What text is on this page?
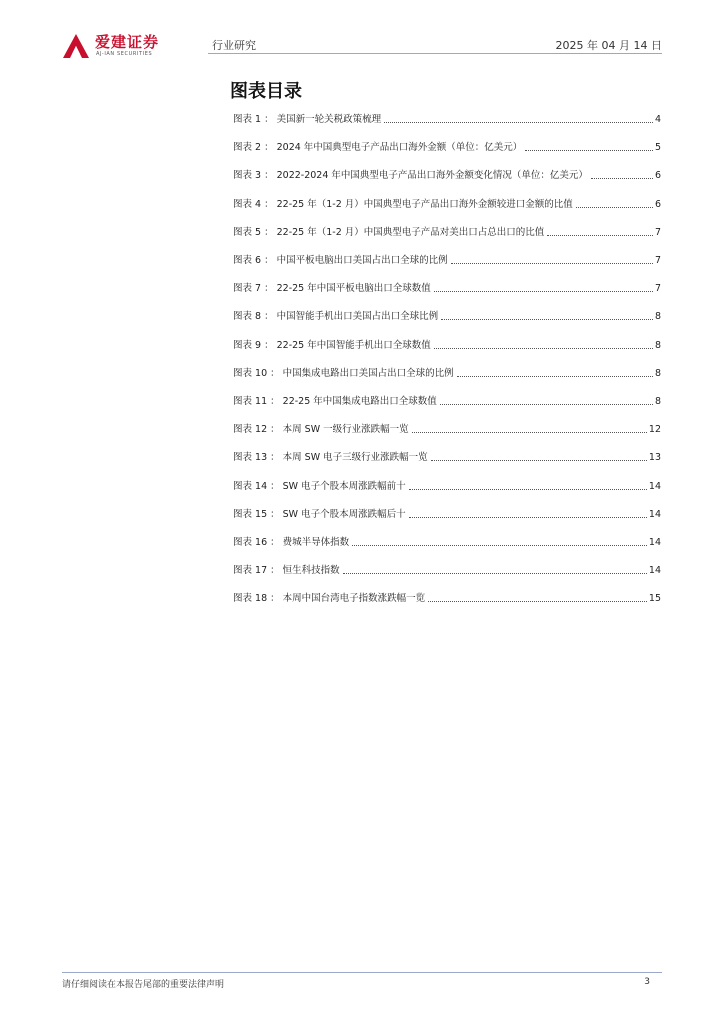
爱建证券
AJ-IAN SECURITIES
行业研究	2025 年 04 月 14 日
图表目录
图表 1 ： 美国新一轮关税政策梳理	4
图表 2 ： 2024 年中国典型电子产品出口海外金额（单位：亿美元）	5
图表 3 ： 2022-2024 年中国典型电子产品出口海外金额变化情况（单位：亿美元）	6
图表 4 ： 22-25 年（1-2 月）中国典型电子产品出口海外金额较进口金额的比值	6
图表 5 ： 22-25 年（1-2 月）中国典型电子产品对美出口占总出口的比值	7
图表 6 ： 中国平板电脑出口美国占出口全球的比例	7
图表 7 ： 22-25 年中国平板电脑出口全球数值	7
图表 8 ： 中国智能手机出口美国占出口全球比例	8
图表 9 ： 22-25 年中国智能手机出口全球数值	8
图表 10 ： 中国集成电路出口美国占出口全球的比例	8
图表 11 ： 22-25 年中国集成电路出口全球数值	8
图表 12 ： 本周 SW 一级行业涨跌幅一览	12
图表 13 ： 本周 SW 电子三级行业涨跌幅一览	13
图表 14 ： SW 电子个股本周涨跌幅前十	14
图表 15 ： SW 电子个股本周涨跌幅后十	14
图表 16 ： 费城半导体指数	14
图表 17 ： 恒生科技指数	14
图表 18 ： 本周中国台湾电子指数涨跌幅一览	15
请仔细阅读在本报告尾部的重要法律声明	3
